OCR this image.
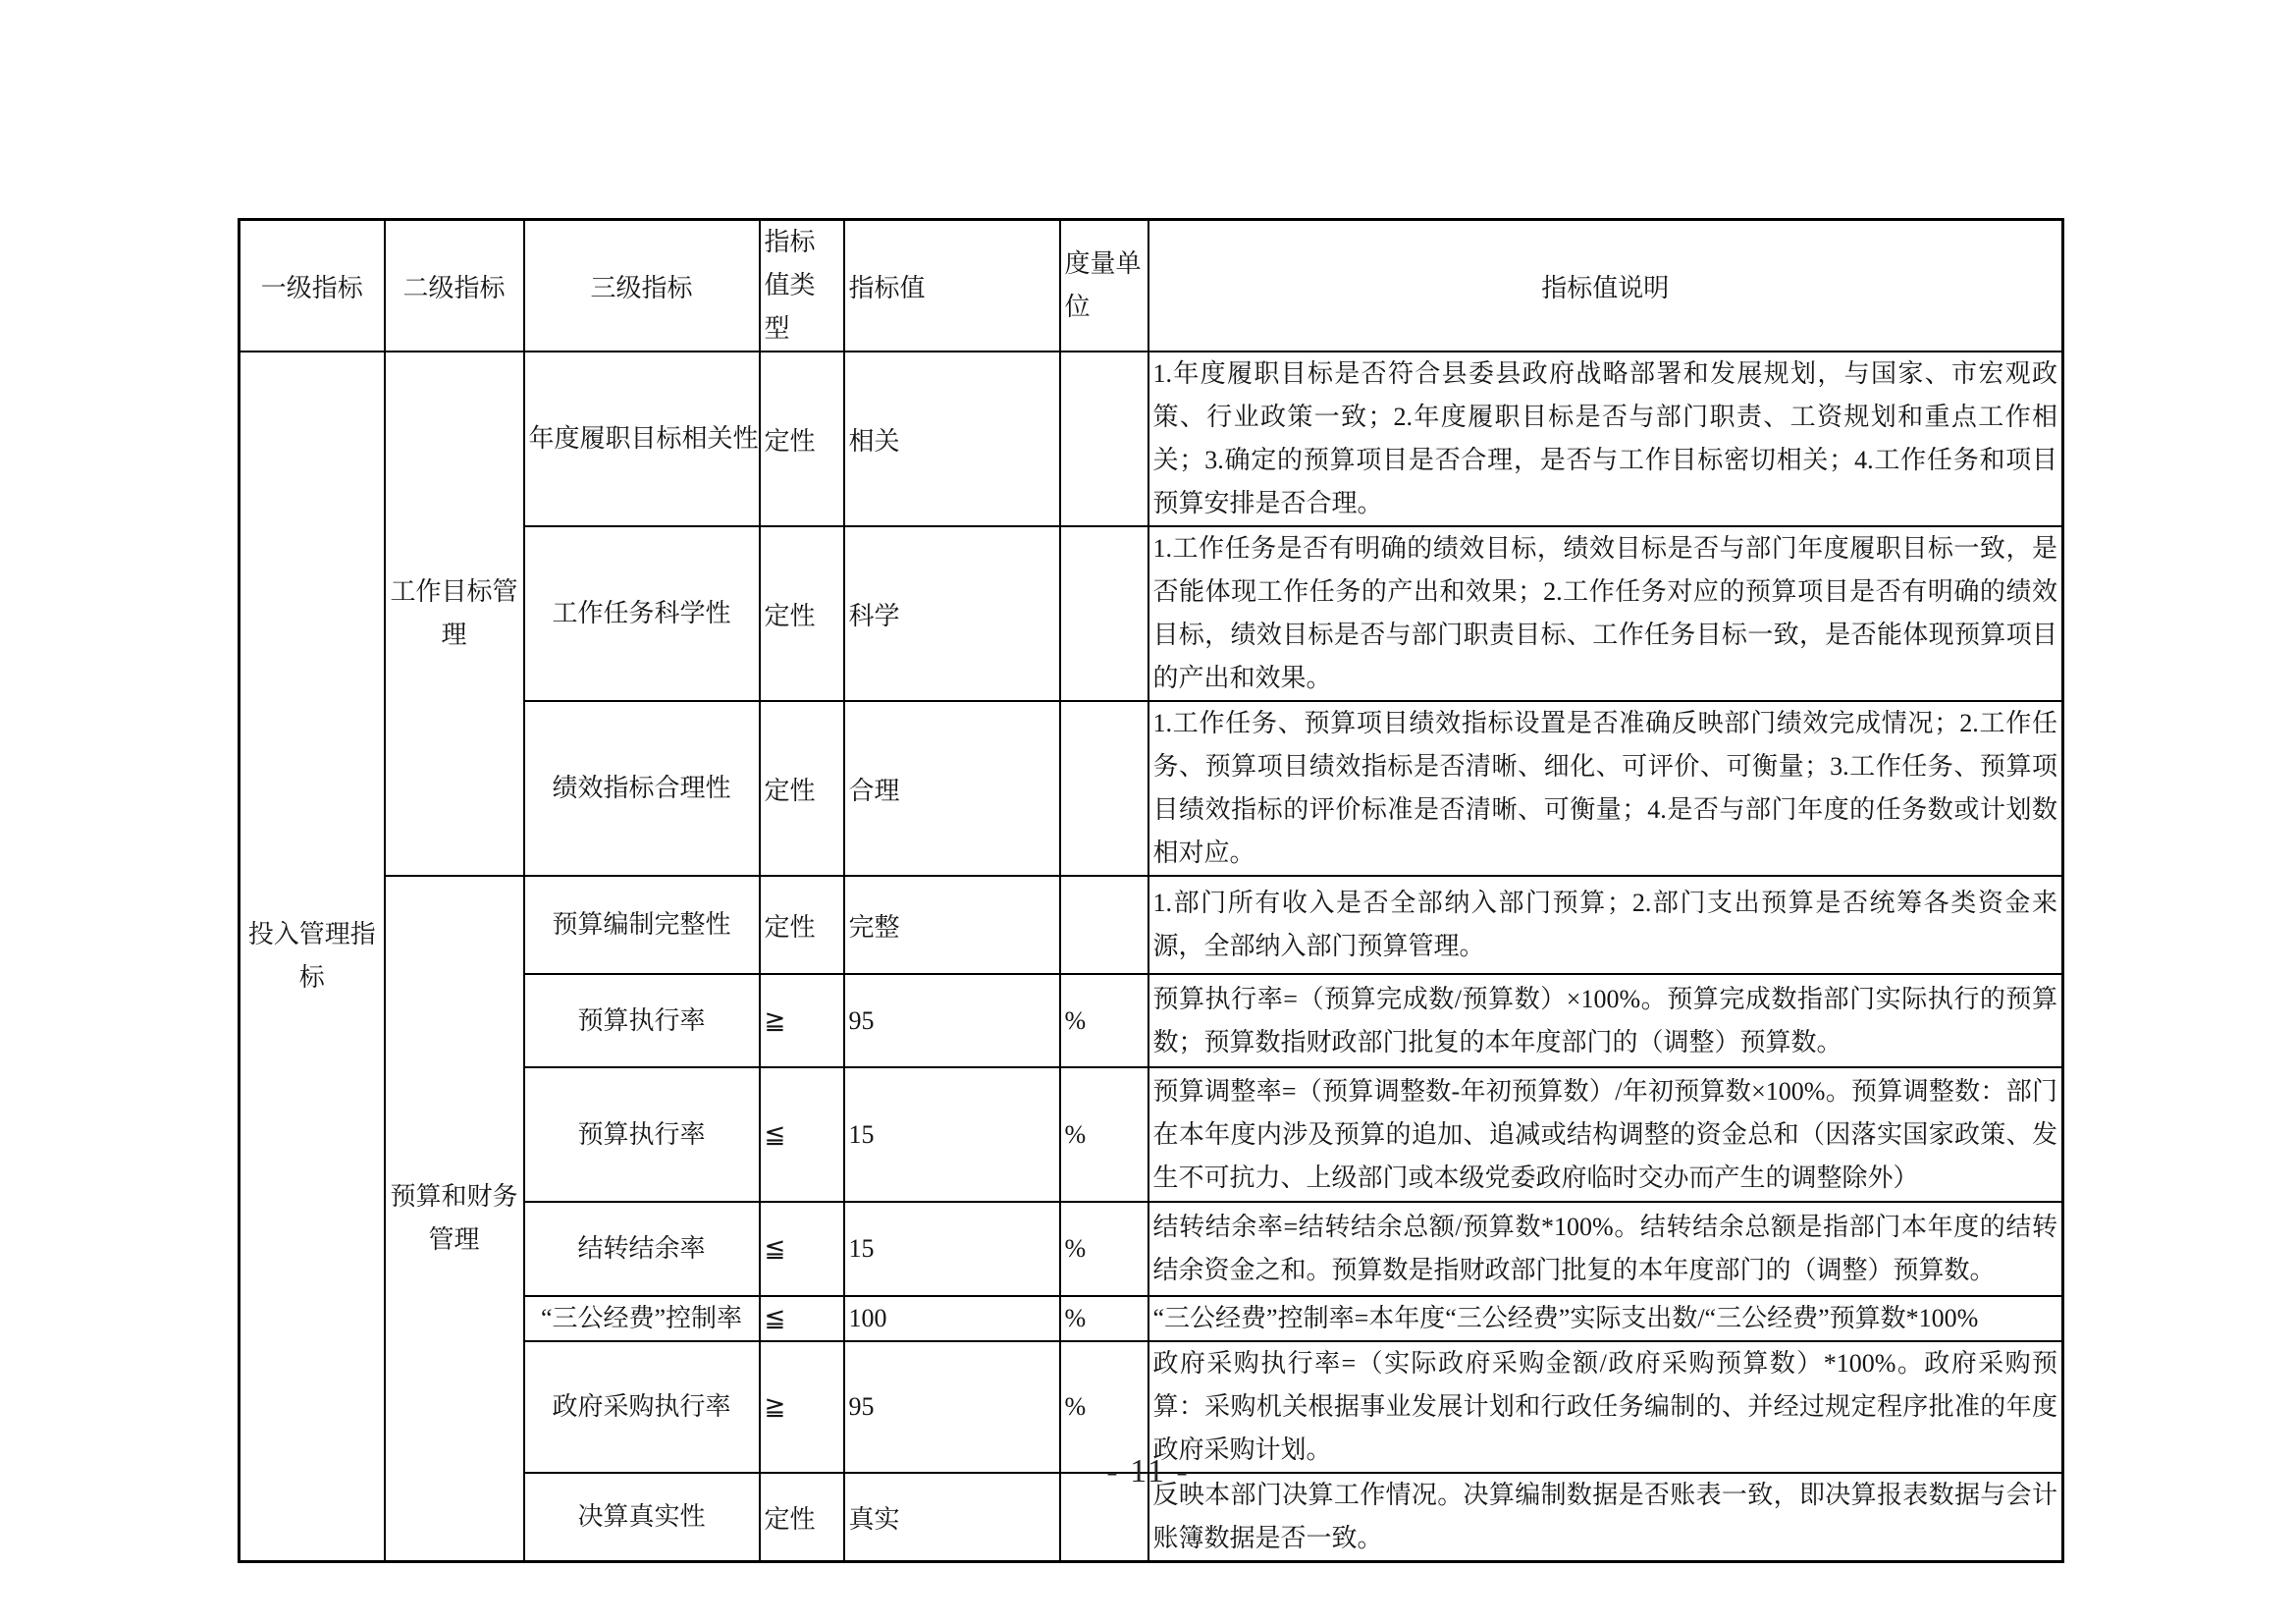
一级指标	二级指标	三级指标	指标值类型	指标值	度量单位	指标值说明
投入管理指标	工作目标管理	年度履职目标相关性	定性	相关		1.年度履职目标是否符合县委县政府战略部署和发展规划，与国家、市宏观政策、行业政策一致；2.年度履职目标是否与部门职责、工资规划和重点工作相关；3.确定的预算项目是否合理，是否与工作目标密切相关；4.工作任务和项目预算安排是否合理。
		工作任务科学性	定性	科学		1.工作任务是否有明确的绩效目标，绩效目标是否与部门年度履职目标一致，是否能体现工作任务的产出和效果；2.工作任务对应的预算项目是否有明确的绩效目标，绩效目标是否与部门职责目标、工作任务目标一致，是否能体现预算项目的产出和效果。
		绩效指标合理性	定性	合理		1.工作任务、预算项目绩效指标设置是否准确反映部门绩效完成情况；2.工作任务、预算项目绩效指标是否清晰、细化、可评价、可衡量；3.工作任务、预算项目绩效指标的评价标准是否清晰、可衡量；4.是否与部门年度的任务数或计划数相对应。
	预算和财务管理	预算编制完整性	定性	完整		1.部门所有收入是否全部纳入部门预算；2.部门支出预算是否统筹各类资金来源，全部纳入部门预算管理。
		预算执行率	≧	95	%	预算执行率=（预算完成数/预算数）×100%。预算完成数指部门实际执行的预算数；预算数指财政部门批复的本年度部门的（调整）预算数。
		预算执行率	≦	15	%	预算调整率=（预算调整数-年初预算数）/年初预算数×100%。预算调整数：部门在本年度内涉及预算的追加、追减或结构调整的资金总和（因落实国家政策、发生不可抗力、上级部门或本级党委政府临时交办而产生的调整除外）
		结转结余率	≦	15	%	结转结余率=结转结余总额/预算数*100%。结转结余总额是指部门本年度的结转结余资金之和。预算数是指财政部门批复的本年度部门的（调整）预算数。
		“三公经费”控制率	≦	100	%	“三公经费”控制率=本年度“三公经费”实际支出数/“三公经费”预算数*100%
		政府采购执行率	≧	95	%	政府采购执行率=（实际政府采购金额/政府采购预算数）*100%。政府采购预算：采购机关根据事业发展计划和行政任务编制的、并经过规定程序批准的年度政府采购计划。
		决算真实性	定性	真实		反映本部门决算工作情况。决算编制数据是否账表一致，即决算报表数据与会计账簿数据是否一致。
- 11 -
